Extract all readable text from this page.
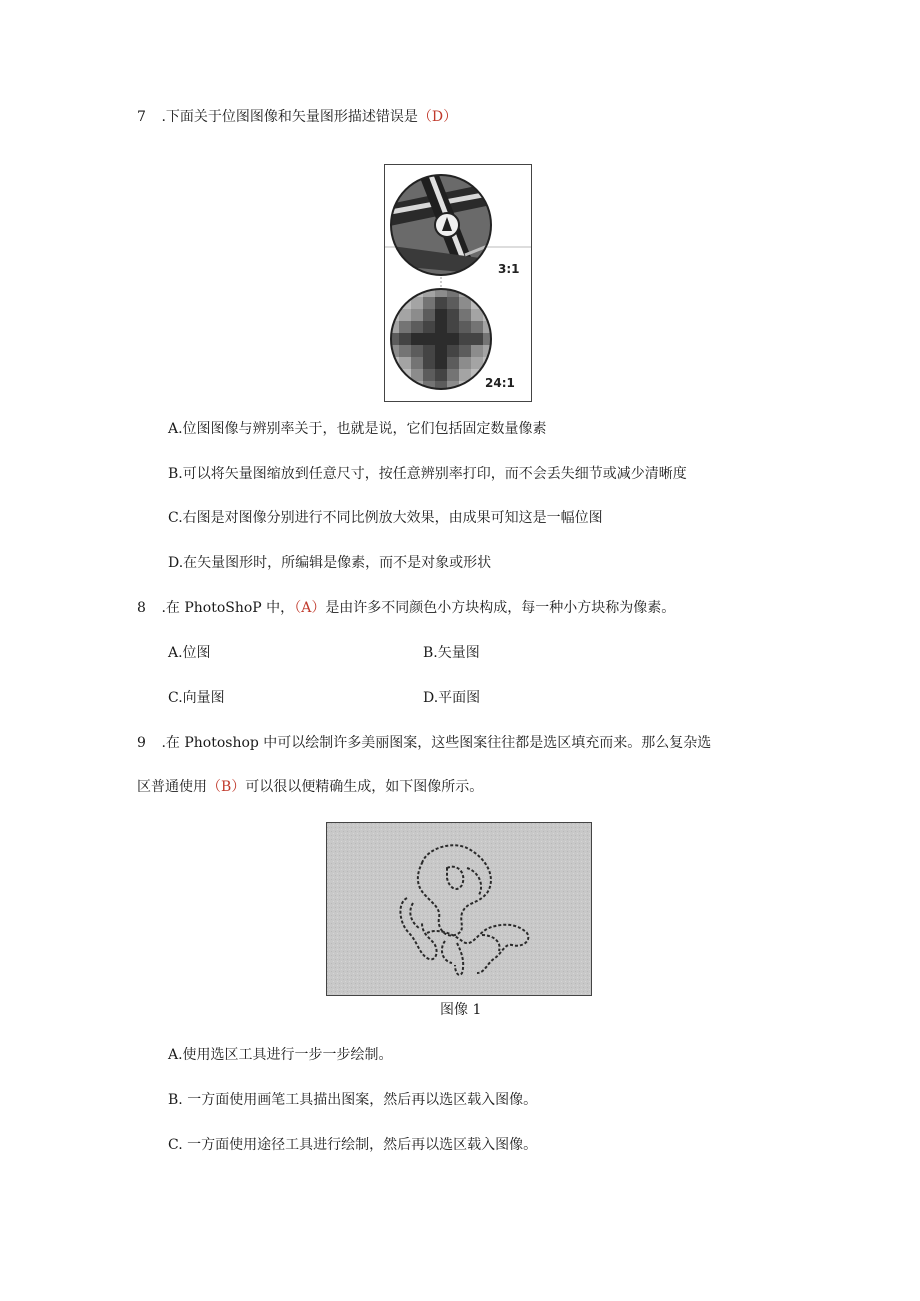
7 .下面关于位图图像和矢量图形描述错误是（D）
3:1
24:1
A.位图图像与辨别率关于，也就是说，它们包括固定数量像素
B.可以将矢量图缩放到任意尺寸，按任意辨别率打印，而不会丢失细节或减少清晰度
C.右图是对图像分别进行不同比例放大效果，由成果可知这是一幅位图
D.在矢量图形时，所编辑是像素，而不是对象或形状
8 .在 PhotoShoP 中，（A）是由许多不同颜色小方块构成，每一种小方块称为像素。
A.位图	B.矢量图
C.向量图	D.平面图
9 .在 Photoshop 中可以绘制许多美丽图案，这些图案往往都是选区填充而来。那么复杂选
区普通使用（B）可以很以便精确生成，如下图像所示。
图像 1
A.使用选区工具进行一步一步绘制。
B. 一方面使用画笔工具描出图案，然后再以选区载入图像。
C. 一方面使用途径工具进行绘制，然后再以选区载入图像。
